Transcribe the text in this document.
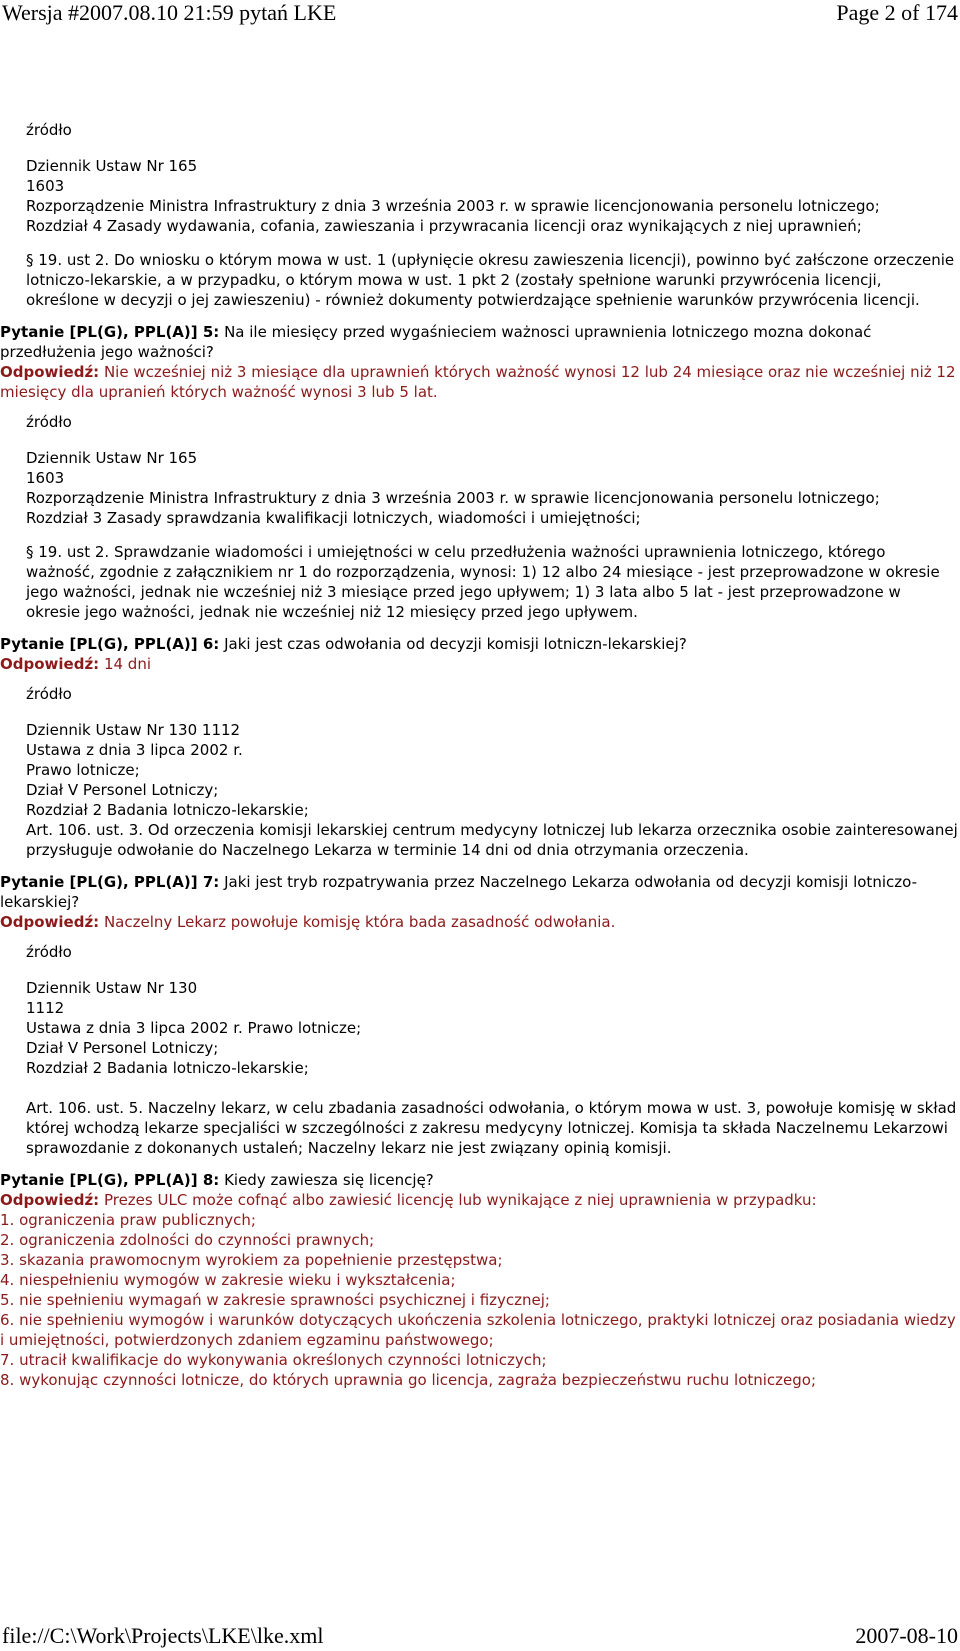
Wersja #2007.08.10 21:59 pytań LKE	Page 2 of 174
źródło
Dziennik Ustaw Nr 165
1603
Rozporządzenie Ministra Infrastruktury z dnia 3 września 2003 r. w sprawie licencjonowania personelu lotniczego;
Rozdział 4 Zasady wydawania, cofania, zawieszania i przywracania licencji oraz wynikających z niej uprawnień;
§ 19. ust 2. Do wniosku o którym mowa w ust. 1 (upłynięcie okresu zawieszenia licencji), powinno być załśczone orzeczenie lotniczo-lekarskie, a w przypadku, o którym mowa w ust. 1 pkt 2 (zostały spełnione warunki przywrócenia licencji, określone w decyzji o jej zawieszeniu) - również dokumenty potwierdzające spełnienie warunków przywrócenia licencji.
Pytanie [PL(G), PPL(A)] 5: Na ile miesięcy przed wygaśnieciem ważnosci uprawnienia lotniczego mozna dokonać przedłużenia jego ważności?
Odpowiedź: Nie wcześniej niż 3 miesiące dla uprawnień których ważność wynosi 12 lub 24 miesiące oraz nie wcześniej niż 12 miesięcy dla upranień których ważność wynosi 3 lub 5 lat.
źródło
Dziennik Ustaw Nr 165
1603
Rozporządzenie Ministra Infrastruktury z dnia 3 września 2003 r. w sprawie licencjonowania personelu lotniczego;
Rozdział 3 Zasady sprawdzania kwalifikacji lotniczych, wiadomości i umiejętności;
§ 19. ust 2. Sprawdzanie wiadomości i umiejętności w celu przedłużenia ważności uprawnienia lotniczego, którego ważność, zgodnie z załącznikiem nr 1 do rozporządzenia, wynosi: 1) 12 albo 24 miesiące - jest przeprowadzone w okresie jego ważności, jednak nie wcześniej niż 3 miesiące przed jego upływem; 1) 3 lata albo 5 lat - jest przeprowadzone w okresie jego ważności, jednak nie wcześniej niż 12 miesięcy przed jego upływem.
Pytanie [PL(G), PPL(A)] 6: Jaki jest czas odwołania od decyzji komisji lotniczn-lekarskiej?
Odpowiedź: 14 dni
źródło
Dziennik Ustaw Nr 130 1112
Ustawa z dnia 3 lipca 2002 r.
Prawo lotnicze;
Dział V Personel Lotniczy;
Rozdział 2 Badania lotniczo-lekarskie;
Art. 106. ust. 3. Od orzeczenia komisji lekarskiej centrum medycyny lotniczej lub lekarza orzecznika osobie zainteresowanej przysługuje odwołanie do Naczelnego Lekarza w terminie 14 dni od dnia otrzymania orzeczenia.
Pytanie [PL(G), PPL(A)] 7: Jaki jest tryb rozpatrywania przez Naczelnego Lekarza odwołania od decyzji komisji lotniczo-lekarskiej?
Odpowiedź: Naczelny Lekarz powołuje komisję która bada zasadność odwołania.
źródło
Dziennik Ustaw Nr 130
1112
Ustawa z dnia 3 lipca 2002 r. Prawo lotnicze;
Dział V Personel Lotniczy;
Rozdział 2 Badania lotniczo-lekarskie;
Art. 106. ust. 5. Naczelny lekarz, w celu zbadania zasadności odwołania, o którym mowa w ust. 3, powołuje komisję w skład której wchodzą lekarze specjaliści w szczególności z zakresu medycyny lotniczej. Komisja ta składa Naczelnemu Lekarzowi sprawozdanie z dokonanych ustaleń; Naczelny lekarz nie jest związany opinią komisji.
Pytanie [PL(G), PPL(A)] 8: Kiedy zawiesza się licencję?
Odpowiedź: Prezes ULC może cofnąć albo zawiesić licencję lub wynikające z niej uprawnienia w przypadku:
1. ograniczenia praw publicznych;
2. ograniczenia zdolności do czynności prawnych;
3. skazania prawomocnym wyrokiem za popełnienie przestępstwa;
4. niespełnieniu wymogów w zakresie wieku i wykształcenia;
5. nie spełnieniu wymagań w zakresie sprawności psychicznej i fizycznej;
6. nie spełnieniu wymogów i warunków dotyczących ukończenia szkolenia lotniczego, praktyki lotniczej oraz posiadania wiedzy i umiejętności, potwierdzonych zdaniem egzaminu państwowego;
7. utracił kwalifikacje do wykonywania określonych czynności lotniczych;
8. wykonując czynności lotnicze, do których uprawnia go licencja, zagraża bezpieczeństwu ruchu lotniczego;
file://C:\Work\Projects\LKE\lke.xml	2007-08-10
